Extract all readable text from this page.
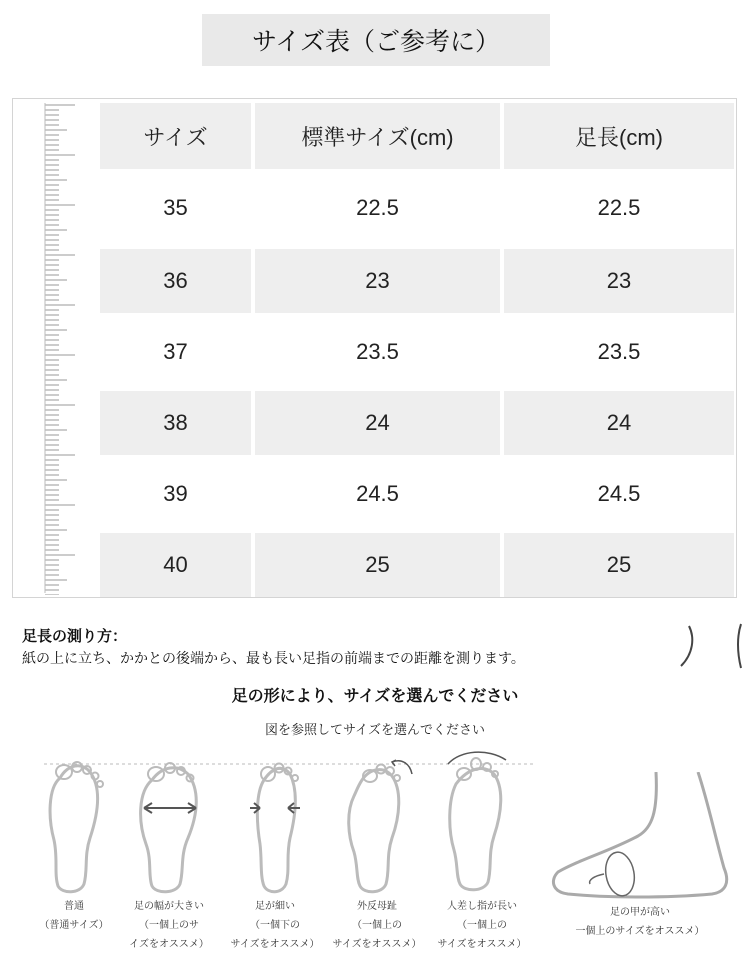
サイズ表（ご参考に）
サイズ	標準サイズ(cm)	足長(cm)
35	22.5	22.5
36	23	23
37	23.5	23.5
38	24	24
39	24.5	24.5
40	25	25
足長の測り方：
紙の上に立ち、かかとの後端から、最も長い足指の前端までの距離を測ります。
足の形により、サイズを選んでください
図を参照してサイズを選んでください
普通
（普通サイズ）
足の幅が大きい
（一個上のサ
イズをオススメ）
足が細い
（一個下の
サイズをオススメ）
外反母趾
（一個上の
サイズをオススメ）
人差し指が長い
（一個上の
サイズをオススメ）
足の甲が高い
一個上のサイズをオススメ）
